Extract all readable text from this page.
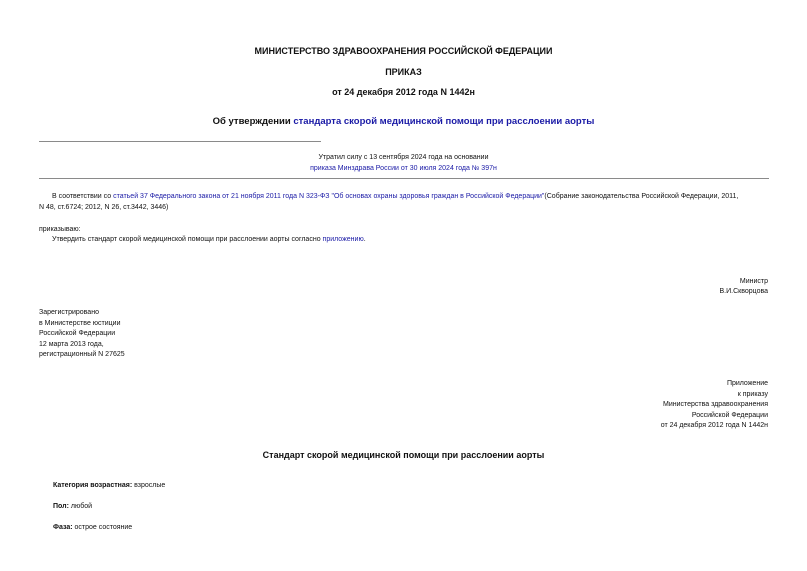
МИНИСТЕРСТВО ЗДРАВООХРАНЕНИЯ РОССИЙСКОЙ ФЕДЕРАЦИИ
ПРИКАЗ
от 24 декабря 2012 года N 1442н
Об утверждении стандарта скорой медицинской помощи при расслоении аорты
Утратил силу с 13 сентября 2024 года на основании
приказа Минздрава России от 30 июля 2024 года № 397н
В соответствии со статьей 37 Федерального закона от 21 ноября 2011 года N 323-ФЗ "Об основах охраны здоровья граждан в Российской Федерации"(Собрание законодательства Российской Федерации, 2011,
N 48, ст.6724; 2012, N 26, ст.3442, 3446)
приказываю:
Утвердить стандарт скорой медицинской помощи при расслоении аорты согласно приложению.
Министр
В.И.Скворцова
Зарегистрировано
в Министерстве юстиции
Российской Федерации
12 марта 2013 года,
регистрационный N 27625
Приложение
к приказу
Министерства здравоохранения
Российской Федерации
от 24 декабря 2012 года N 1442н
Стандарт скорой медицинской помощи при расслоении аорты
Категория возрастная: взрослые
Пол: любой
Фаза: острое состояние
